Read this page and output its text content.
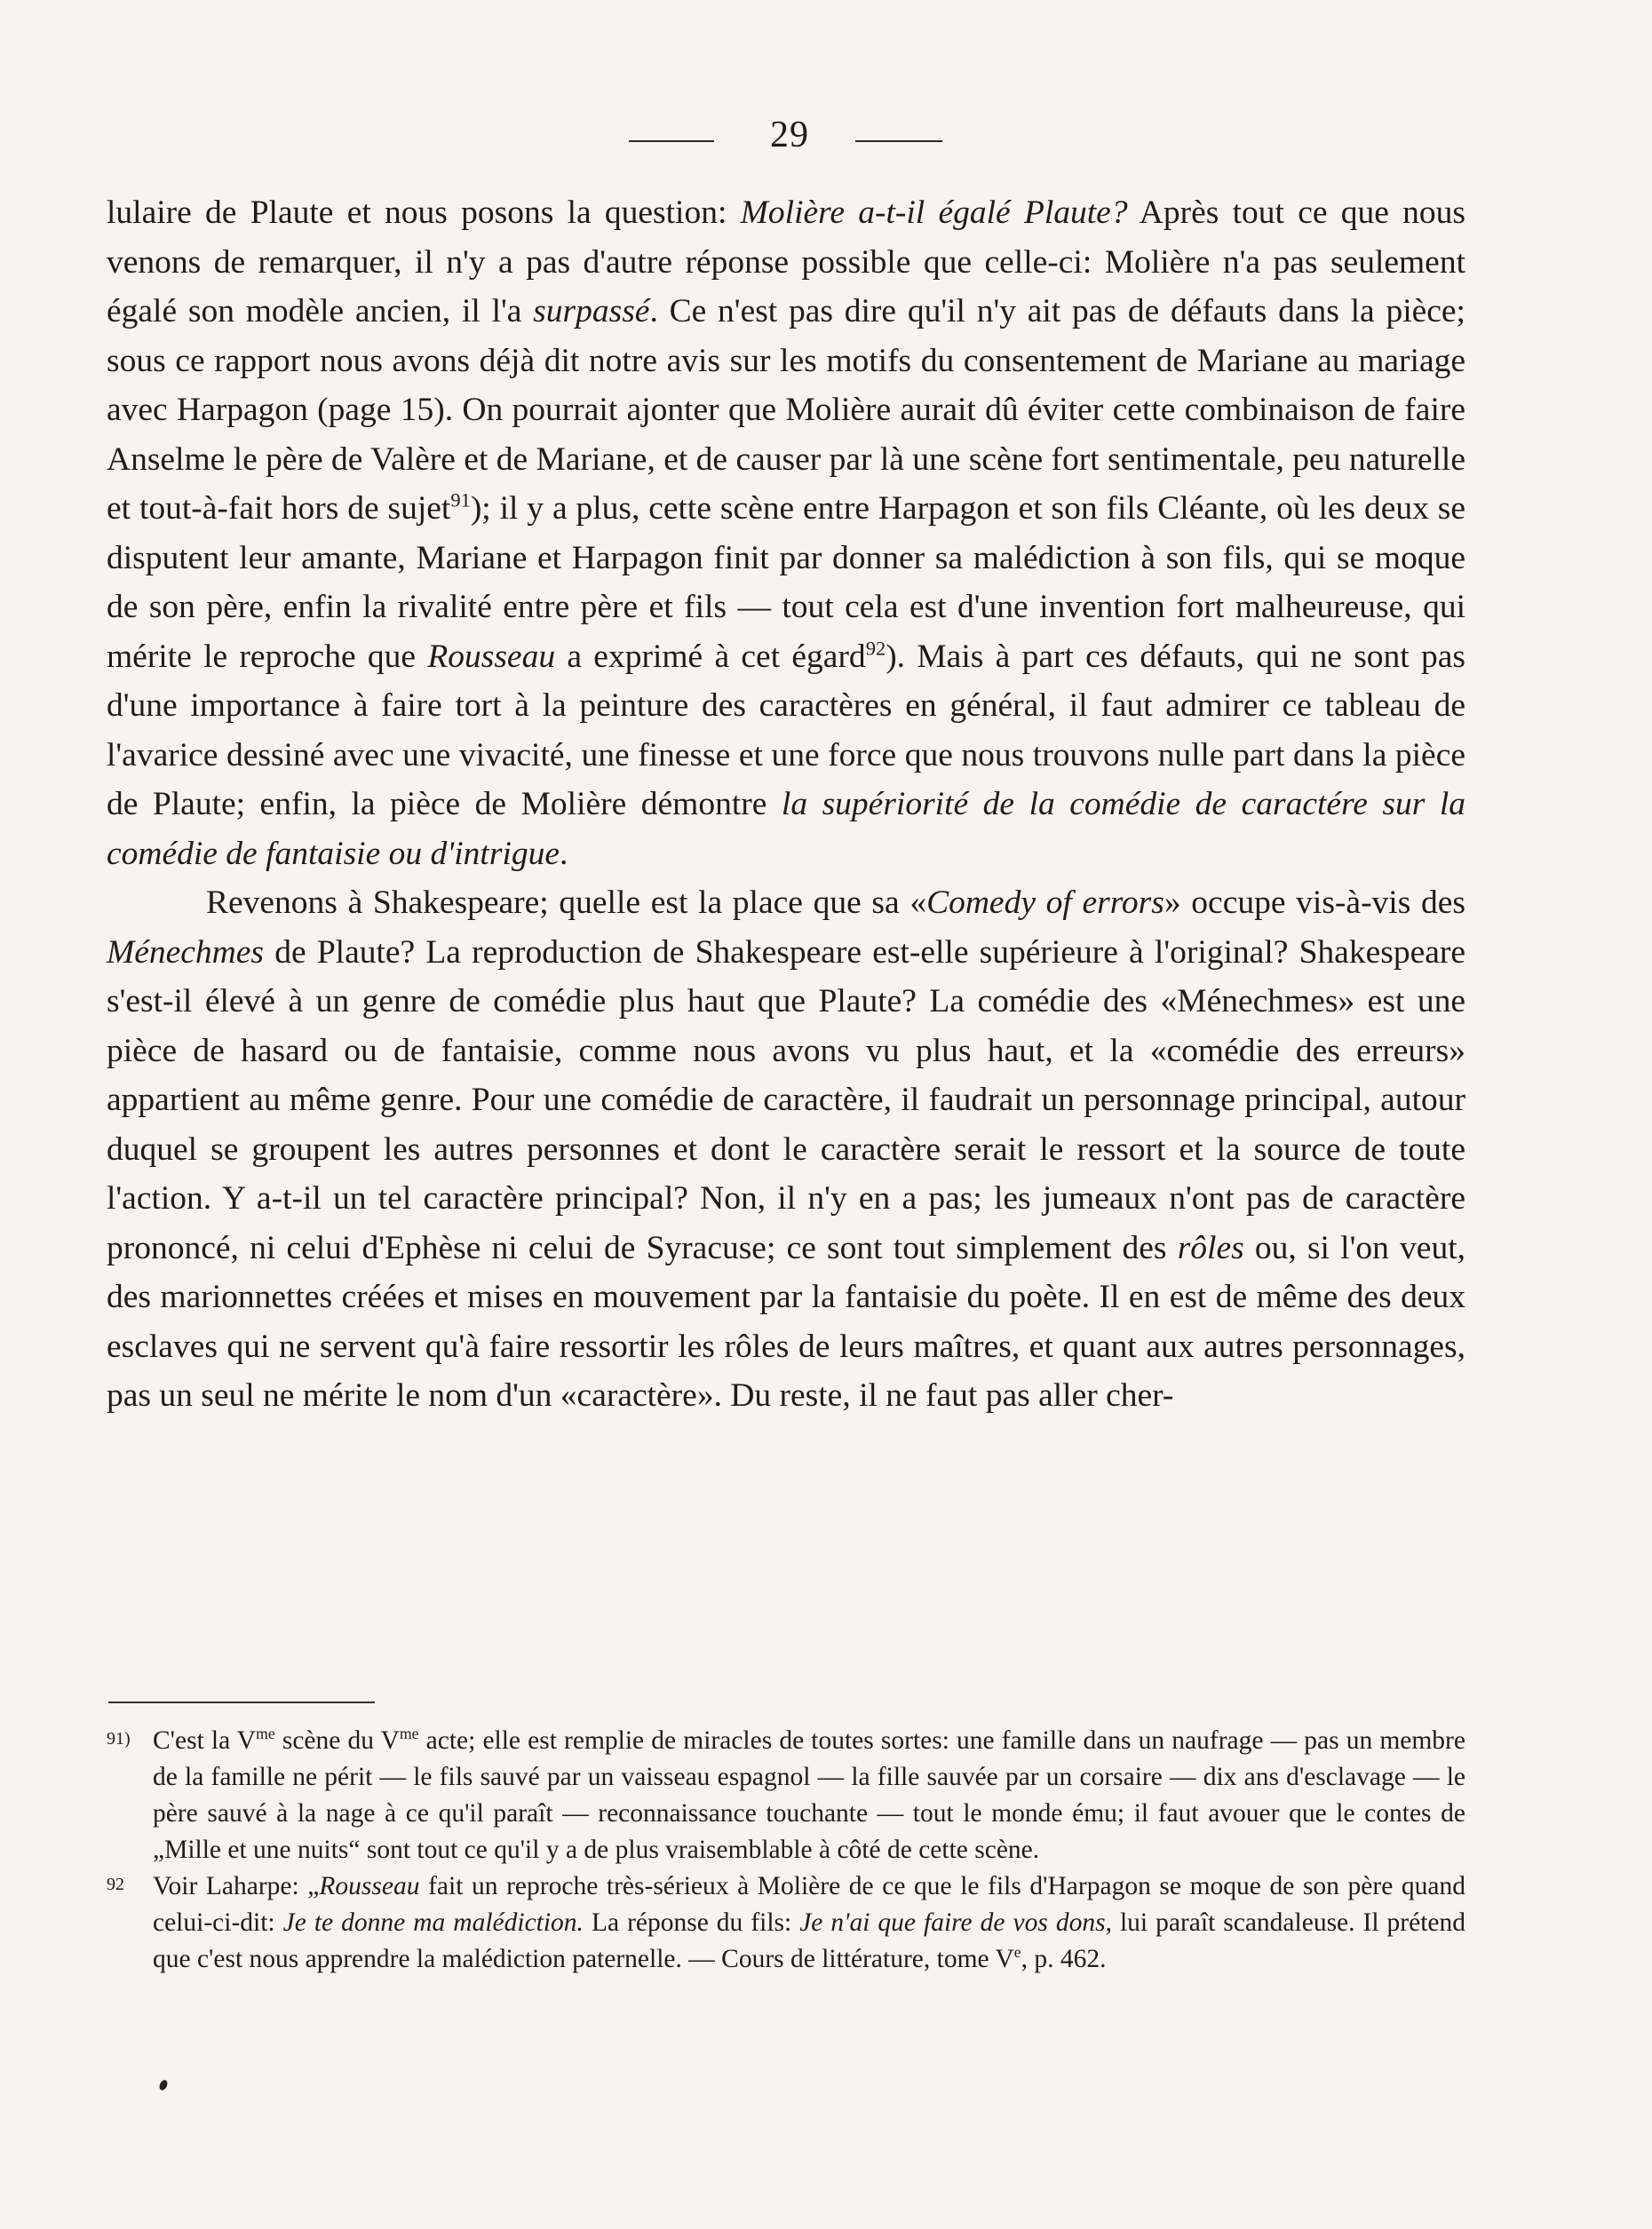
29

lulaire de Plaute et nous posons la question: Molière a-t-il égalé Plaute? Après tout ce que nous venons de remarquer, il n'y a pas d'autre réponse possible que celle-ci: Molière n'a pas seulement égalé son modèle ancien, il l'a surpassé. Ce n'est pas dire qu'il n'y ait pas de défauts dans la pièce; sous ce rapport nous avons déjà dit notre avis sur les motifs du consentement de Mariane au mariage avec Harpagon (page 15). On pourrait ajonter que Molière aurait dû éviter cette combinaison de faire Anselme le père de Valère et de Mariane, et de causer par là une scène fort sentimentale, peu naturelle et tout-à-fait hors de sujet$^{91}$); il y a plus, cette scène entre Harpagon et son fils Cléante, où les deux se disputent leur amante, Mariane et Harpagon finit par donner sa malédiction à son fils, qui se moque de son père, enfin la rivalité entre père et fils — tout cela est d'une invention fort malheureuse, qui mérite le reproche que Rousseau a exprimé à cet égard$^{92}$). Mais à part ces défauts, qui ne sont pas d'une importance à faire tort à la peinture des caractères en général, il faut admirer ce tableau de l'avarice dessiné avec une vivacité, une finesse et une force que nous trouvons nulle part dans la pièce de Plaute; enfin, la pièce de Molière démontre la supériorité de la comédie de caractére sur la comédie de fantaisie ou d'intrigue.

Revenons à Shakespeare; quelle est la place que sa «Comedy of errors» occupe vis-à-vis des Ménechmes de Plaute? La reproduction de Shakespeare est-elle supérieure à l'original? Shakespeare s'est-il élevé à un genre de comédie plus haut que Plaute? La comédie des «Ménechmes» est une pièce de hasard ou de fantaisie, comme nous avons vu plus haut, et la «comédie des erreurs» appartient au même genre. Pour une comédie de caractère, il faudrait un personnage principal, autour duquel se groupent les autres personnes et dont le caractère serait le ressort et la source de toute l'action. Y a-t-il un tel caractère principal? Non, il n'y en a pas; les jumeaux n'ont pas de caractère prononcé, ni celui d'Ephèse ni celui de Syracuse; ce sont tout simplement des rôles ou, si l'on veut, des marionnettes créées et mises en mouvement par la fantaisie du poète. Il en est de même des deux esclaves qui ne servent qu'à faire ressortir les rôles de leurs maîtres, et quant aux autres personnages, pas un seul ne mérite le nom d'un «caractère». Du reste, il ne faut pas aller cher-

91) C'est la $V^{me}$ scène du $V^{me}$ acte; elle est remplie de miracles de toutes sortes: une famille dans un naufrage — pas un membre de la famille ne périt — le fils sauvé par un vaisseau espagnol — la fille sauvée par un corsaire — dix ans d'esclavage — le père sauvé à la nage à ce qu'il paraît — reconnaissance touchante — tout le monde ému; il faut avouer que le contes de „Mille et une nuits“ sont tout ce qu'il y a de plus vraisemblable à côté de cette scène.
92	Voir Laharpe: „Rousseau fait un reproche très-sérieux à Molière de ce que le fils d'Harpagon se moque de son père quand celui-ci-dit: Je te donne ma malédiction. La réponse du fils: Je n'ai que faire de vos dons, lui paraît scandaleuse. Il prétend que c'est nous apprendre la malédiction paternelle. — Cours de littérature, tome Ve, p. 462.
